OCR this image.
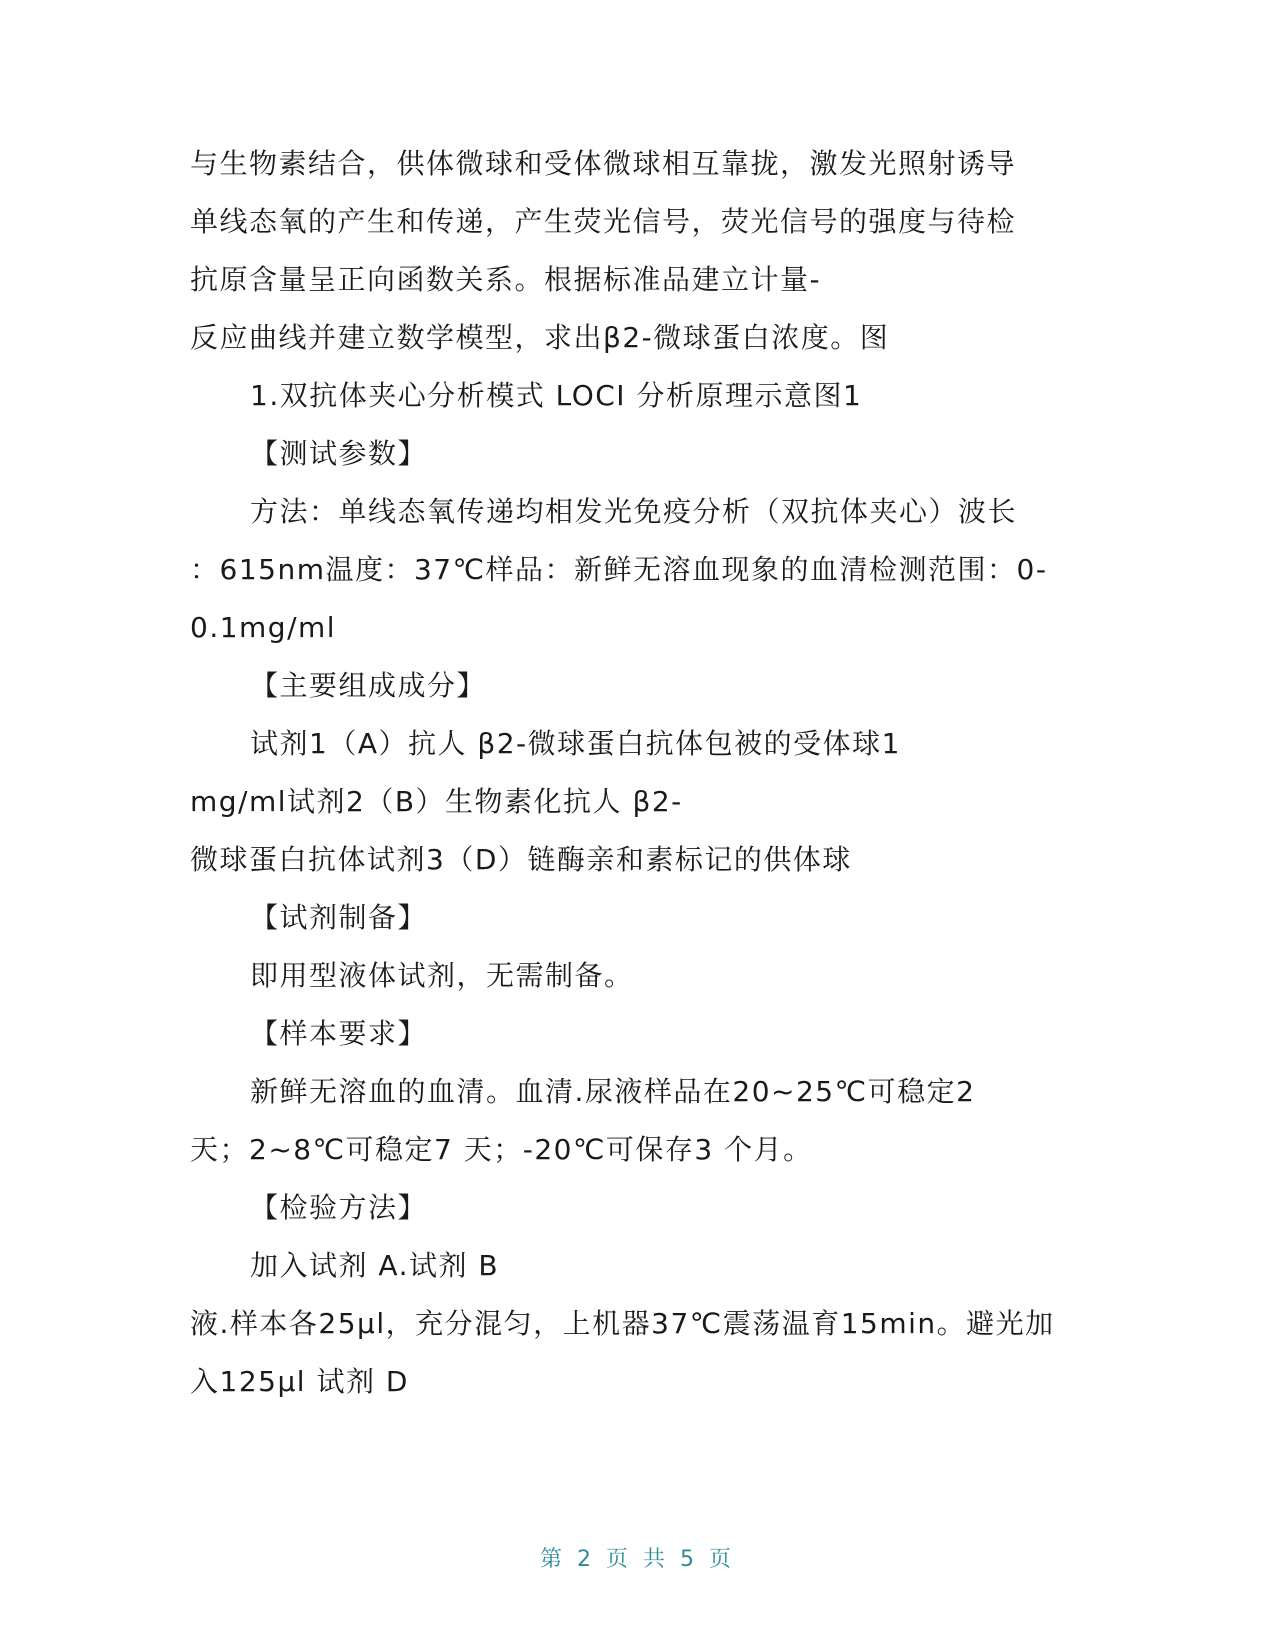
与生物素结合，供体微球和受体微球相互靠拢，激发光照射诱导
单线态氧的产生和传递，产生荧光信号，荧光信号的强度与待检
抗原含量呈正向函数关系。根据标准品建立计量-
反应曲线并建立数学模型，求出β2-微球蛋白浓度。图
1.双抗体夹心分析模式 LOCI 分析原理示意图1
【测试参数】
方法：单线态氧传递均相发光免疫分析（双抗体夹心）波长
：615nm温度：37℃样品：新鲜无溶血现象的血清检测范围：0-
0.1mg/ml
【主要组成成分】
试剂1（A）抗人 β2-微球蛋白抗体包被的受体球1
mg/ml试剂2（B）生物素化抗人 β2-
微球蛋白抗体试剂3（D）链酶亲和素标记的供体球
【试剂制备】
即用型液体试剂，无需制备。
【样本要求】
新鲜无溶血的血清。血清.尿液样品在20~25℃可稳定2
天；2~8℃可稳定7 天；-20℃可保存3 个月。
【检验方法】
加入试剂 A.试剂 B
液.样本各25μl，充分混匀，上机器37℃震荡温育15min。避光加
入125μl 试剂 D
第 2 页 共 5 页
